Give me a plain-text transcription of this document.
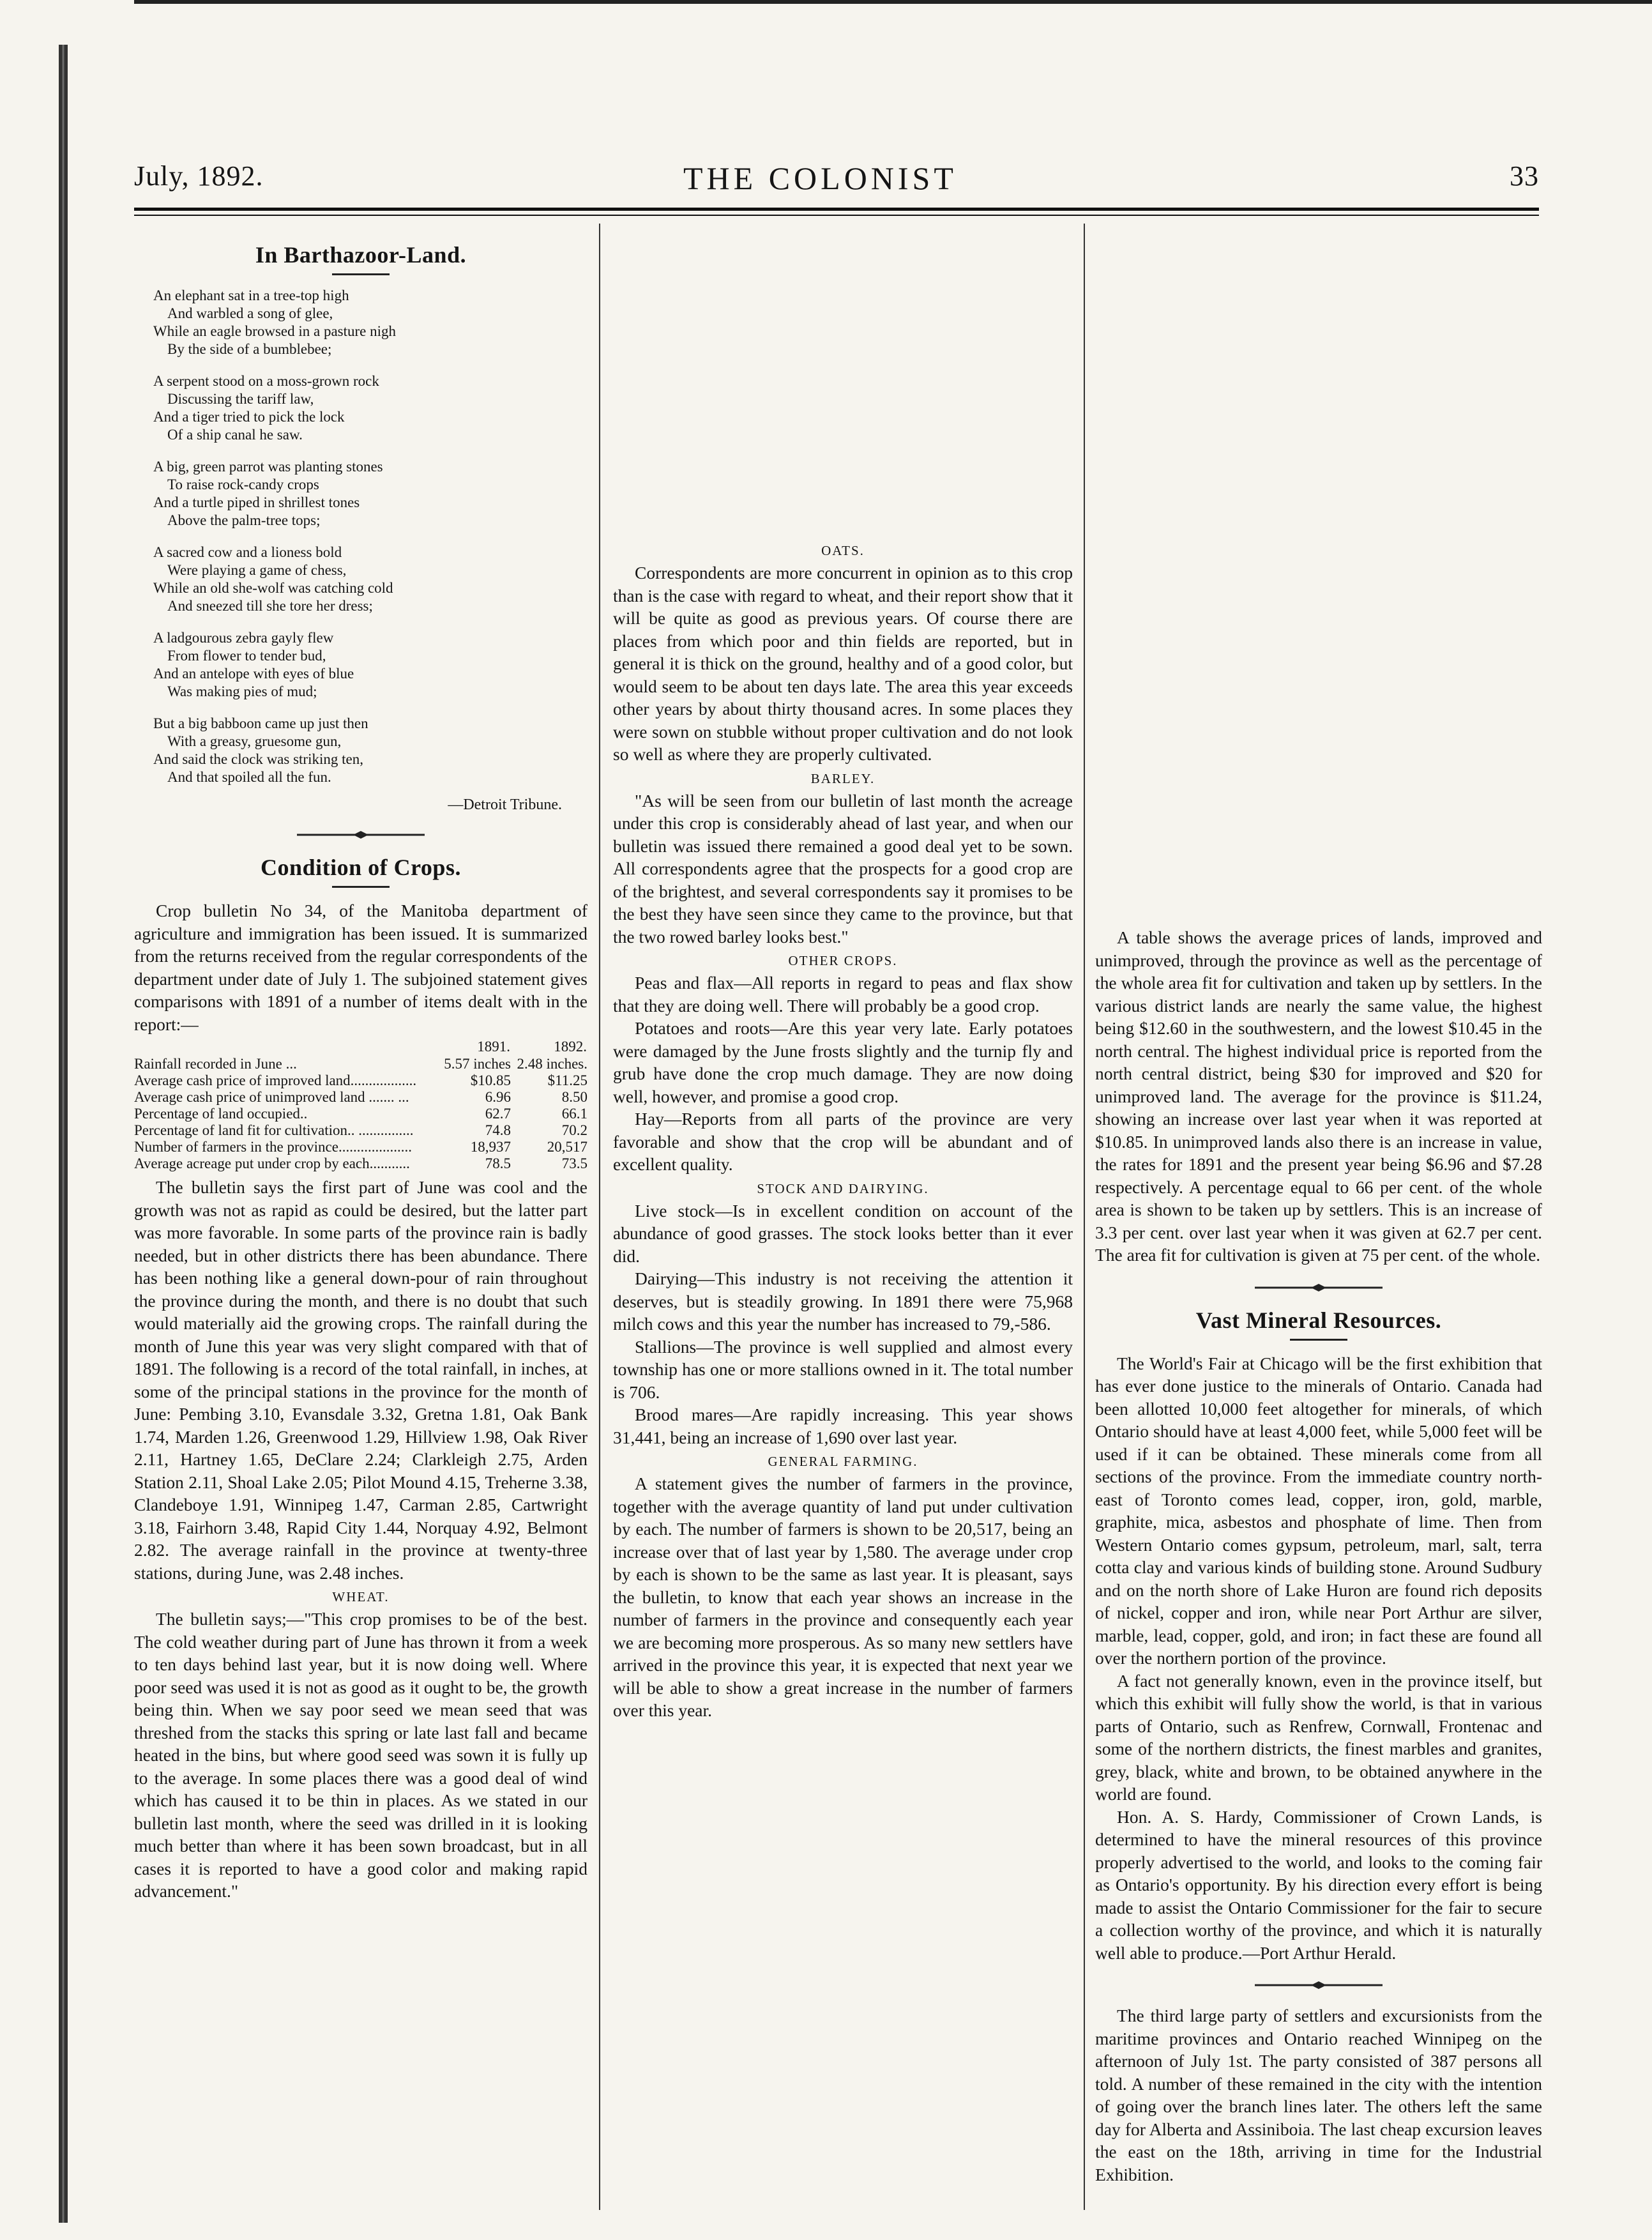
July, 1892.	THE COLONIST	33
In Barthazoor-Land.
An elephant sat in a tree-top high
And warbled a song of glee,
While an eagle browsed in a pasture nigh
By the side of a bumblebee;
A serpent stood on a moss-grown rock
Discussing the tariff law,
And a tiger tried to pick the lock
Of a ship canal he saw.
A big, green parrot was planting stones
To raise rock-candy crops
And a turtle piped in shrillest tones
Above the palm-tree tops;
A sacred cow and a lioness bold
Were playing a game of chess,
While an old she-wolf was catching cold
And sneezed till she tore her dress;
A ladgourous zebra gayly flew
From flower to tender bud,
And an antelope with eyes of blue
Was making pies of mud;
But a big babboon came up just then
With a greasy, gruesome gun,
And said the clock was striking ten,
And that spoiled all the fun.
—Detroit Tribune.
Condition of Crops.

Crop bulletin No 34, of the Manitoba department of agriculture and immigration has been issued. It is summarized from the returns received from the regular correspondents of the department under date of July 1. The subjoined statement gives comparisons with 1891 of a number of items dealt with in the report:—

	1891.	1892.
Rainfall recorded in June ...	5.57 inches	2.48 inches.
Average cash price of improved land..................	$10.85	$11.25
Average cash price of unimproved land ....... ...	6.96	8.50
Percentage of land occupied..	62.7	66.1
Percentage of land fit for cultivation.. ...............	74.8	70.2
Number of farmers in the province....................	18,937	20,517
Average acreage put under crop by each...........	78.5	73.5

The bulletin says the first part of June was cool and the growth was not as rapid as could be desired, but the latter part was more favorable. In some parts of the province rain is badly needed, but in other districts there has been abundance. There has been nothing like a general down-pour of rain throughout the province during the month, and there is no doubt that such would materially aid the growing crops. The rainfall during the month of June this year was very slight compared with that of 1891. The following is a record of the total rainfall, in inches, at some of the principal stations in the province for the month of June: Pembing 3.10, Evansdale 3.32, Gretna 1.81, Oak Bank 1.74, Marden 1.26, Greenwood 1.29, Hillview 1.98, Oak River 2.11, Hartney 1.65, DeClare 2.24; Clarkleigh 2.75, Arden Station 2.11, Shoal Lake 2.05; Pilot Mound 4.15, Treherne 3.38, Clandeboye 1.91, Winnipeg 1.47, Carman 2.85, Cartwright 3.18, Fairhorn 3.48, Rapid City 1.44, Norquay 4.92, Belmont 2.82. The average rainfall in the province at twenty-three stations, during June, was 2.48 inches.

WHEAT.

The bulletin says;—"This crop promises to be of the best. The cold weather during part of June has thrown it from a week to ten days behind last year, but it is now doing well. Where poor seed was used it is not as good as it ought to be, the growth being thin. When we say poor seed we mean seed that was threshed from the stacks this spring or late last fall and became heated in the bins, but where good seed was sown it is fully up to the average. In some places there was a good deal of wind which has caused it to be thin in places. As we stated in our bulletin last month, where the seed was drilled in it is looking much better than where it has been sown broadcast, but in all cases it is reported to have a good color and making rapid advancement."

OATS.

Correspondents are more concurrent in opinion as to this crop than is the case with regard to wheat, and their report show that it will be quite as good as previous years. Of course there are places from which poor and thin fields are reported, but in general it is thick on the ground, healthy and of a good color, but would seem to be about ten days late. The area this year exceeds other years by about thirty thousand acres. In some places they were sown on stubble without proper cultivation and do not look so well as where they are properly cultivated.

BARLEY.

"As will be seen from our bulletin of last month the acreage under this crop is considerably ahead of last year, and when our bulletin was issued there remained a good deal yet to be sown. All correspondents agree that the prospects for a good crop are of the brightest, and several correspondents say it promises to be the best they have seen since they came to the province, but that the two rowed barley looks best."

OTHER CROPS.

Peas and flax—All reports in regard to peas and flax show that they are doing well. There will probably be a good crop.

Potatoes and roots—Are this year very late. Early potatoes were damaged by the June frosts slightly and the turnip fly and grub have done the crop much damage. They are now doing well, however, and promise a good crop.

Hay—Reports from all parts of the province are very favorable and show that the crop will be abundant and of excellent quality.

STOCK AND DAIRYING.

Live stock—Is in excellent condition on account of the abundance of good grasses. The stock looks better than it ever did.

Dairying—This industry is not receiving the attention it deserves, but is steadily growing. In 1891 there were 75,968 milch cows and this year the number has increased to 79,-586.

Stallions—The province is well supplied and almost every township has one or more stallions owned in it. The total number is 706.

Brood mares—Are rapidly increasing. This year shows 31,441, being an increase of 1,690 over last year.

GENERAL FARMING.

A statement gives the number of farmers in the province, together with the average quantity of land put under cultivation by each. The number of farmers is shown to be 20,517, being an increase over that of last year by 1,580. The average under crop by each is shown to be the same as last year. It is pleasant, says the bulletin, to know that each year shows an increase in the number of farmers in the province and consequently each year we are becoming more prosperous. As so many new settlers have arrived in the province this year, it is expected that next year we will be able to show a great increase in the number of farmers over this year.

A table shows the average prices of lands, improved and unimproved, through the province as well as the percentage of the whole area fit for cultivation and taken up by settlers. In the various district lands are nearly the same value, the highest being $12.60 in the southwestern, and the lowest $10.45 in the north central. The highest individual price is reported from the north central district, being $30 for improved and $20 for unimproved land. The average for the province is $11.24, showing an increase over last year when it was reported at $10.85. In unimproved lands also there is an increase in value, the rates for 1891 and the present year being $6.96 and $7.28 respectively. A percentage equal to 66 per cent. of the whole area is shown to be taken up by settlers. This is an increase of 3.3 per cent. over last year when it was given at 62.7 per cent. The area fit for cultivation is given at 75 per cent. of the whole.

Vast Mineral Resources.

The World's Fair at Chicago will be the first exhibition that has ever done justice to the minerals of Ontario. Canada had been allotted 10,000 feet altogether for minerals, of which Ontario should have at least 4,000 feet, while 5,000 feet will be used if it can be obtained. These minerals come from all sections of the province. From the immediate country north-east of Toronto comes lead, copper, iron, gold, marble, graphite, mica, asbestos and phosphate of lime. Then from Western Ontario comes gypsum, petroleum, marl, salt, terra cotta clay and various kinds of building stone. Around Sudbury and on the north shore of Lake Huron are found rich deposits of nickel, copper and iron, while near Port Arthur are silver, marble, lead, copper, gold, and iron; in fact these are found all over the northern portion of the province.

A fact not generally known, even in the province itself, but which this exhibit will fully show the world, is that in various parts of Ontario, such as Renfrew, Cornwall, Frontenac and some of the northern districts, the finest marbles and granites, grey, black, white and brown, to be obtained anywhere in the world are found.

Hon. A. S. Hardy, Commissioner of Crown Lands, is determined to have the mineral resources of this province properly advertised to the world, and looks to the coming fair as Ontario's opportunity. By his direction every effort is being made to assist the Ontario Commissioner for the fair to secure a collection worthy of the province, and which it is naturally well able to produce.—Port Arthur Herald.

The third large party of settlers and excursionists from the maritime provinces and Ontario reached Winnipeg on the afternoon of July 1st. The party consisted of 387 persons all told. A number of these remained in the city with the intention of going over the branch lines later. The others left the same day for Alberta and Assiniboia. The last cheap excursion leaves the east on the 18th, arriving in time for the Industrial Exhibition.
